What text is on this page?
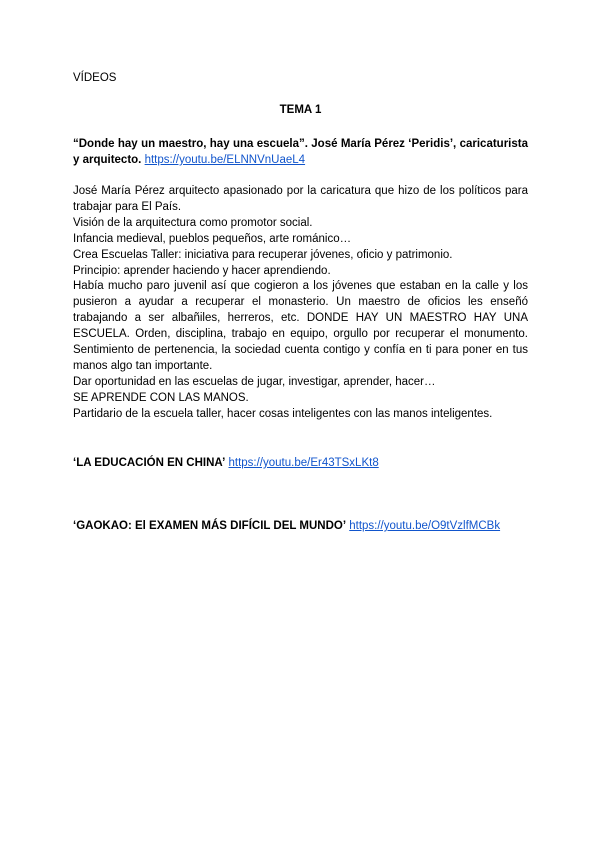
VÍDEOS
TEMA 1
“Donde hay un maestro, hay una escuela”. José María Pérez ‘Peridis’, caricaturista y arquitecto. https://youtu.be/ELNNVnUaeL4

José María Pérez arquitecto apasionado por la caricatura que hizo de los políticos para trabajar para El País.

Visión de la arquitectura como promotor social.

Infancia medieval, pueblos pequeños, arte románico…

Crea Escuelas Taller: iniciativa para recuperar jóvenes, oficio y patrimonio.

Principio: aprender haciendo y hacer aprendiendo.

Había mucho paro juvenil así que cogieron a los jóvenes que estaban en la calle y los pusieron a ayudar a recuperar el monasterio. Un maestro de oficios les enseñó trabajando a ser albañiles, herreros, etc. DONDE HAY UN MAESTRO HAY UNA ESCUELA. Orden, disciplina, trabajo en equipo, orgullo por recuperar el monumento. Sentimiento de pertenencia, la sociedad cuenta contigo y confía en ti para poner en tus manos algo tan importante.

Dar oportunidad en las escuelas de jugar, investigar, aprender, hacer…

SE APRENDE CON LAS MANOS.

Partidario de la escuela taller, hacer cosas inteligentes con las manos inteligentes.

‘LA EDUCACIÓN EN CHINA’ https://youtu.be/Er43TSxLKt8
‘GAOKAO: El EXAMEN MÁS DIFÍCIL DEL MUNDO’ https://youtu.be/O9tVzlfMCBk
